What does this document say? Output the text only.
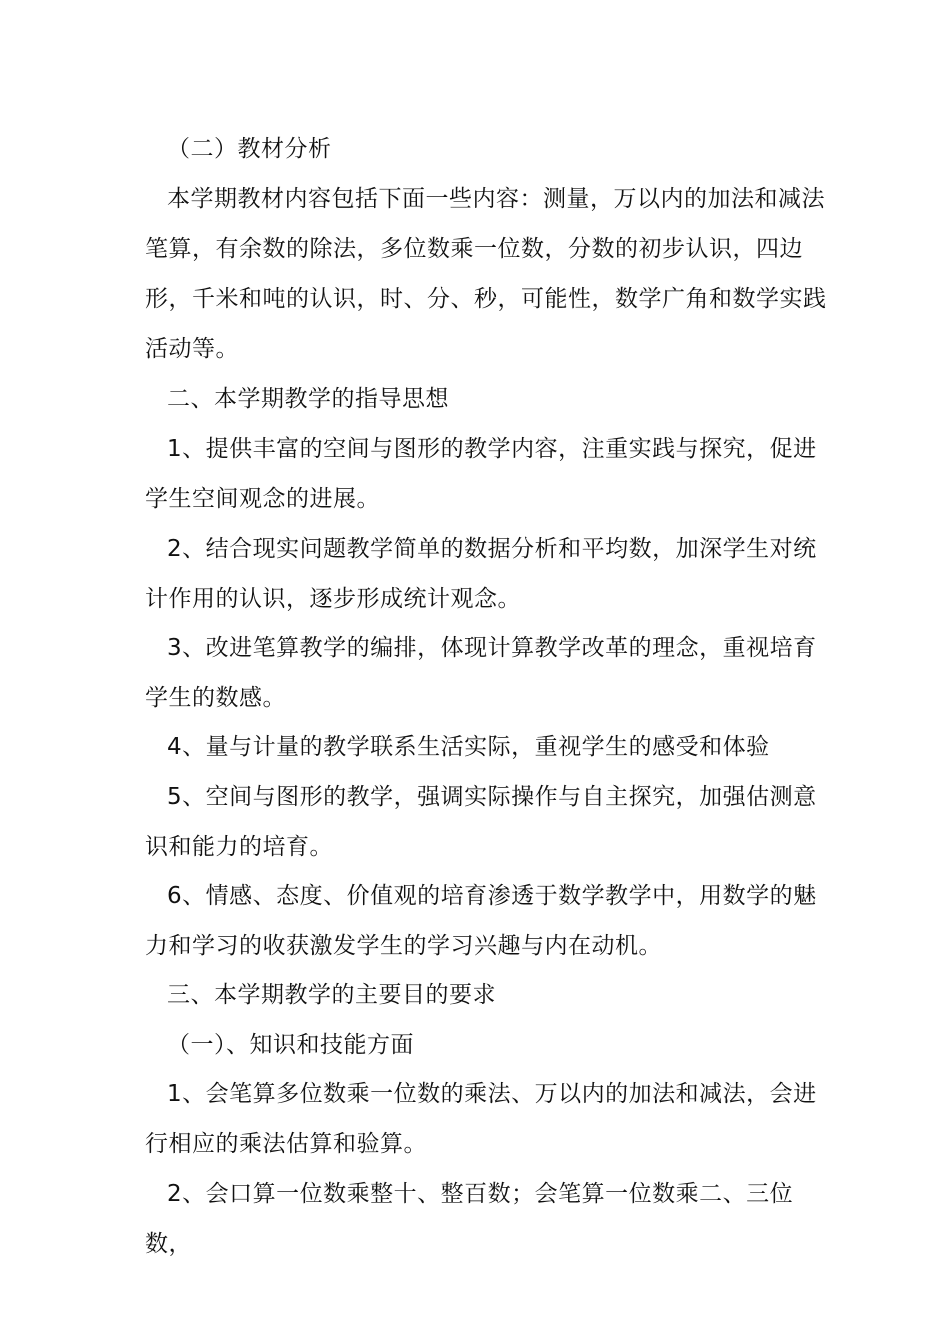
（二）教材分析

本学期教材内容包括下面一些内容：测量，万以内的加法和减法笔算，有余数的除法，多位数乘一位数，分数的初步认识，四边形，千米和吨的认识，时、分、秒，可能性，数学广角和数学实践活动等。

二、本学期教学的指导思想

1、提供丰富的空间与图形的教学内容，注重实践与探究，促进学生空间观念的进展。

2、结合现实问题教学简单的数据分析和平均数，加深学生对统计作用的认识，逐步形成统计观念。

3、改进笔算教学的编排，体现计算教学改革的理念，重视培育学生的数感。

4、量与计量的教学联系生活实际，重视学生的感受和体验

5、空间与图形的教学，强调实际操作与自主探究，加强估测意识和能力的培育。

6、情感、态度、价值观的培育渗透于数学教学中，用数学的魅力和学习的收获激发学生的学习兴趣与内在动机。

三、本学期教学的主要目的要求

（一）、知识和技能方面

1、会笔算多位数乘一位数的乘法、万以内的加法和减法，会进行相应的乘法估算和验算。

2、会口算一位数乘整十、整百数；会笔算一位数乘二、三位数，
